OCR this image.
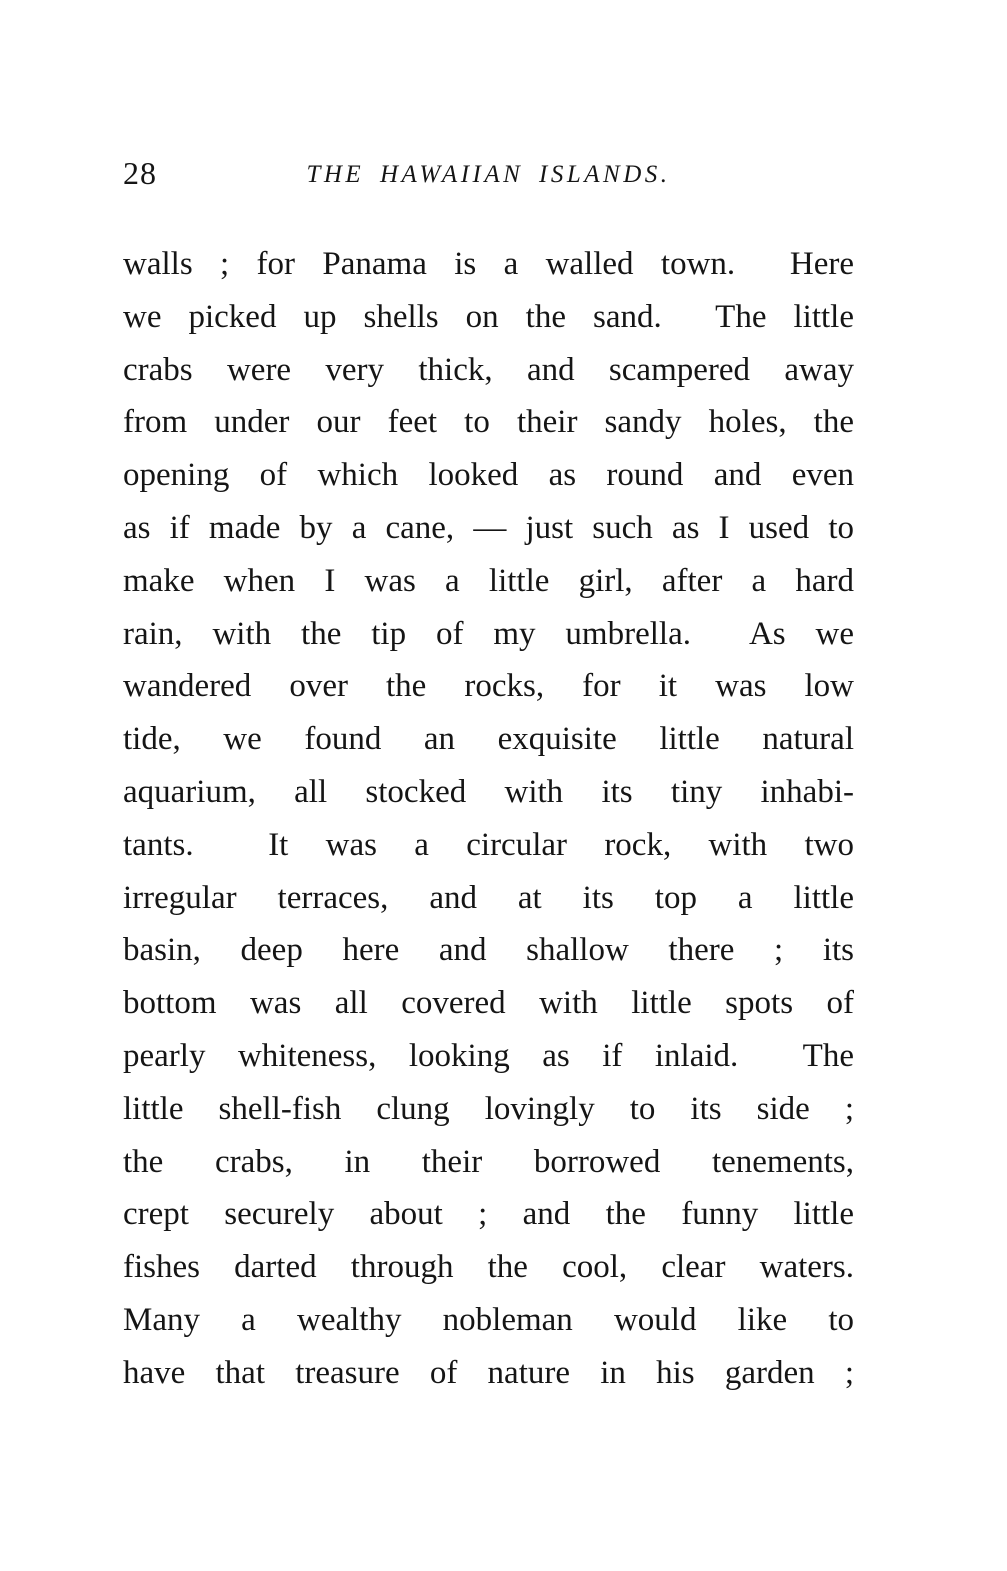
28	THE HAWAIIAN ISLANDS.
walls ; for Panama is a walled town.  Here
we picked up shells on the sand.  The little
crabs were very thick, and scampered away
from under our feet to their sandy holes, the
opening of which looked as round and even
as if made by a cane, — just such as I used to
make when I was a little girl, after a hard
rain, with the tip of my umbrella.  As we
wandered over the rocks, for it was low
tide, we found an exquisite little natural
aquarium, all stocked with its tiny inhabi-
tants.  It was a circular rock, with two
irregular terraces, and at its top a little
basin, deep here and shallow there ; its
bottom was all covered with little spots of
pearly whiteness, looking as if inlaid.  The
little shell-fish clung lovingly to its side ;
the crabs, in their borrowed tenements,
crept securely about ; and the funny little
fishes darted through the cool, clear waters.
Many a wealthy nobleman would like to
have that treasure of nature in his garden ;
